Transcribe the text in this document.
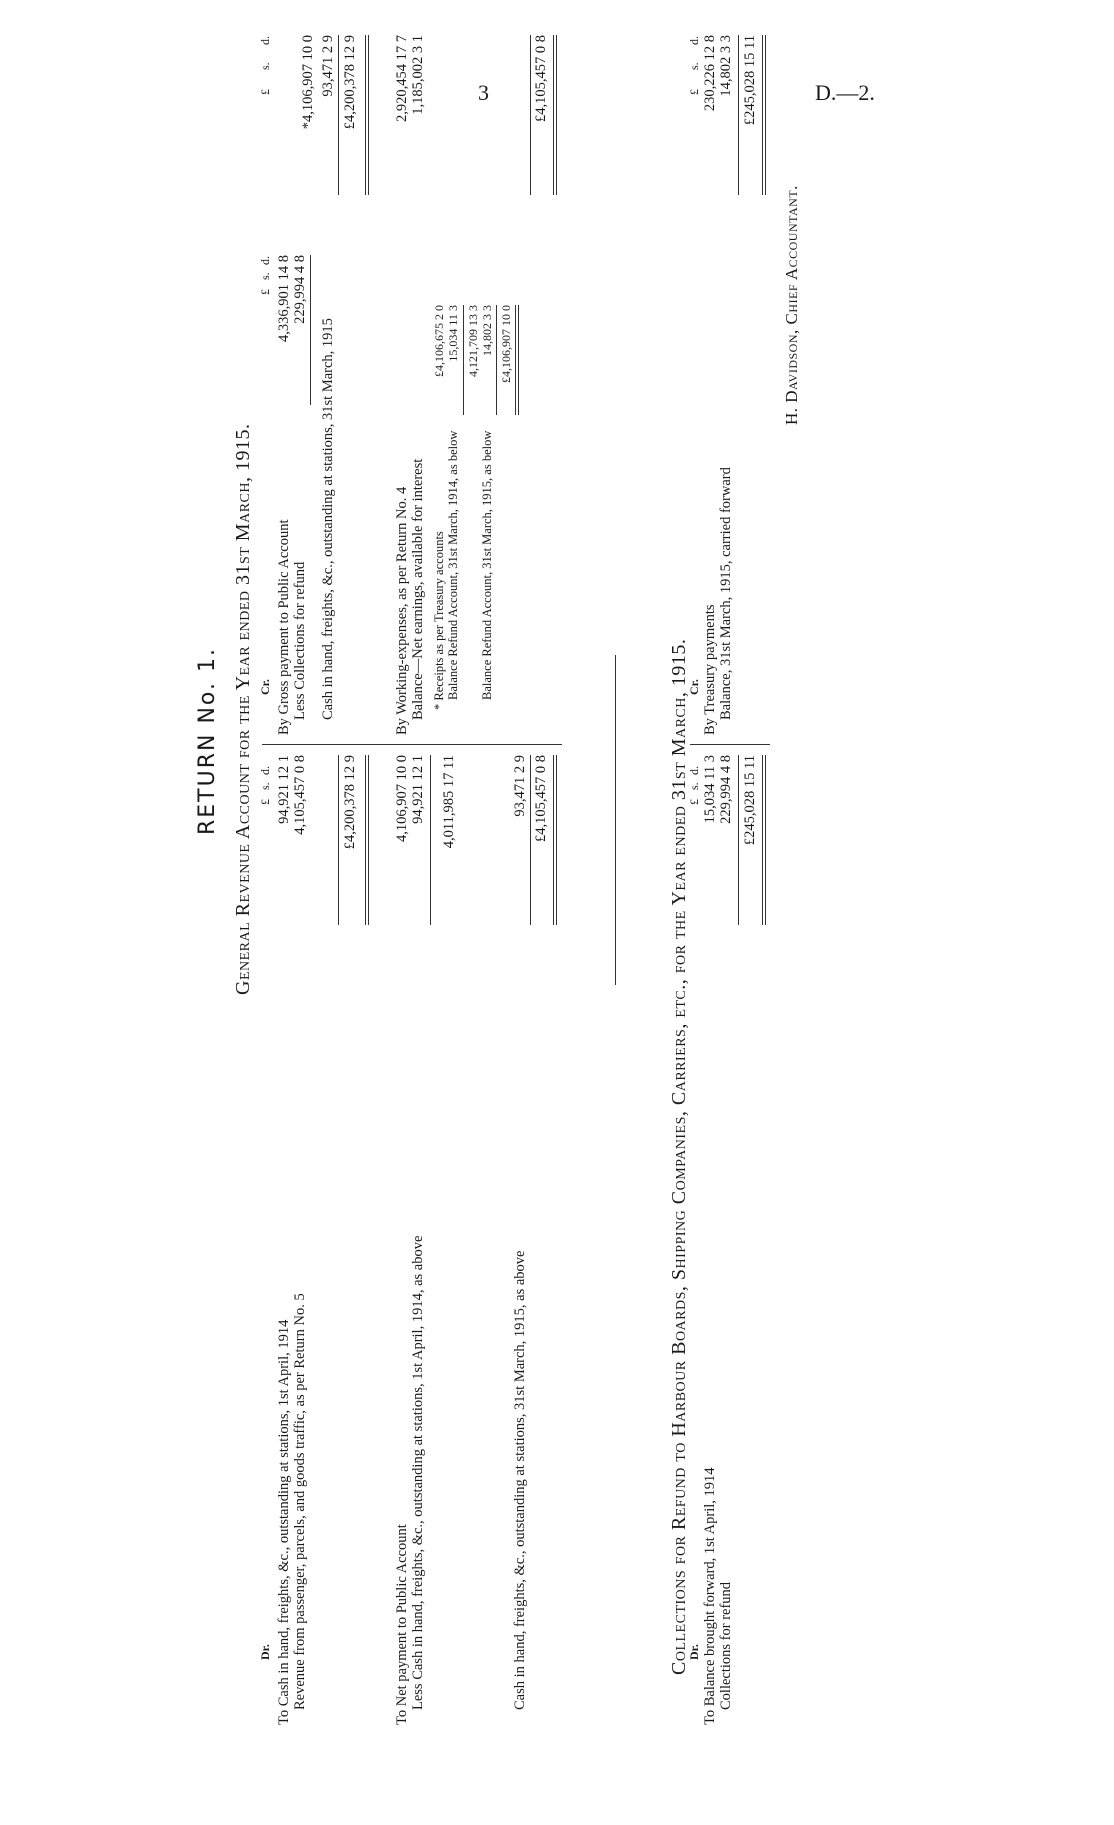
3	D.—2.
RETURN No. 1. General Revenue Account for the Year ended 31st March, 1915.
Dr.
£
s.
d.
To Cash in hand, freights, &c., outstanding at stations, 1st April, 1914
94,921 12 1
Revenue from passenger, parcels, and goods traffic, as per Return No. 5
4,105,457 0 8 £4,200,378 12 9
To Net payment to Public Account
4,106,907 10 0
Less Cash in hand, freights, &c., outstanding at stations, 1st April, 1914, as above
94,921 12 1 4,011,985 17 11
Cash in hand, freights, &c., outstanding at stations, 31st March, 1915, as above
93,471 2 9 £4,105,457 0 8
Cr.
£
s.
d.
£
s.
d.
By Gross payment to Public Account
4,336,901 14 8
Less Collections for refund
229,994 4 8
*4,106,907 10 0
Cash in hand, freights, &c., outstanding at stations, 31st March, 1915
93,471 2 9 £4,200,378 12 9
By Working-expenses, as per Return No. 4
2,920,454 17 7
Balance—Net earnings, available for interest
1,185,002 3 1
* Receipts as per Treasury accounts
£4,106,675 2 0
Balance Refund Account, 31st March, 1914, as below
15,034 11 3 4,121,709 13 3
Balance Refund Account, 31st March, 1915, as below
14,802 3 3 £4,106,907 10 0
£4,105,457 0 8
Collections for Refund to Harbour Boards, Shipping Companies, Carriers, etc., for the Year ended 31st March, 1915.
Dr.
£
s.
d.
To Balance brought forward, 1st April, 1914
15,034 11 3
Collections for refund
229,994 4 8 £245,028 15 11
Cr.
£
s.
d.
By Treasury payments
230,226 12 8
Balance, 31st March, 1915, carried forward
14,802 3 3 £245,028 15 11
H. Davidson, Chief Accountant.
